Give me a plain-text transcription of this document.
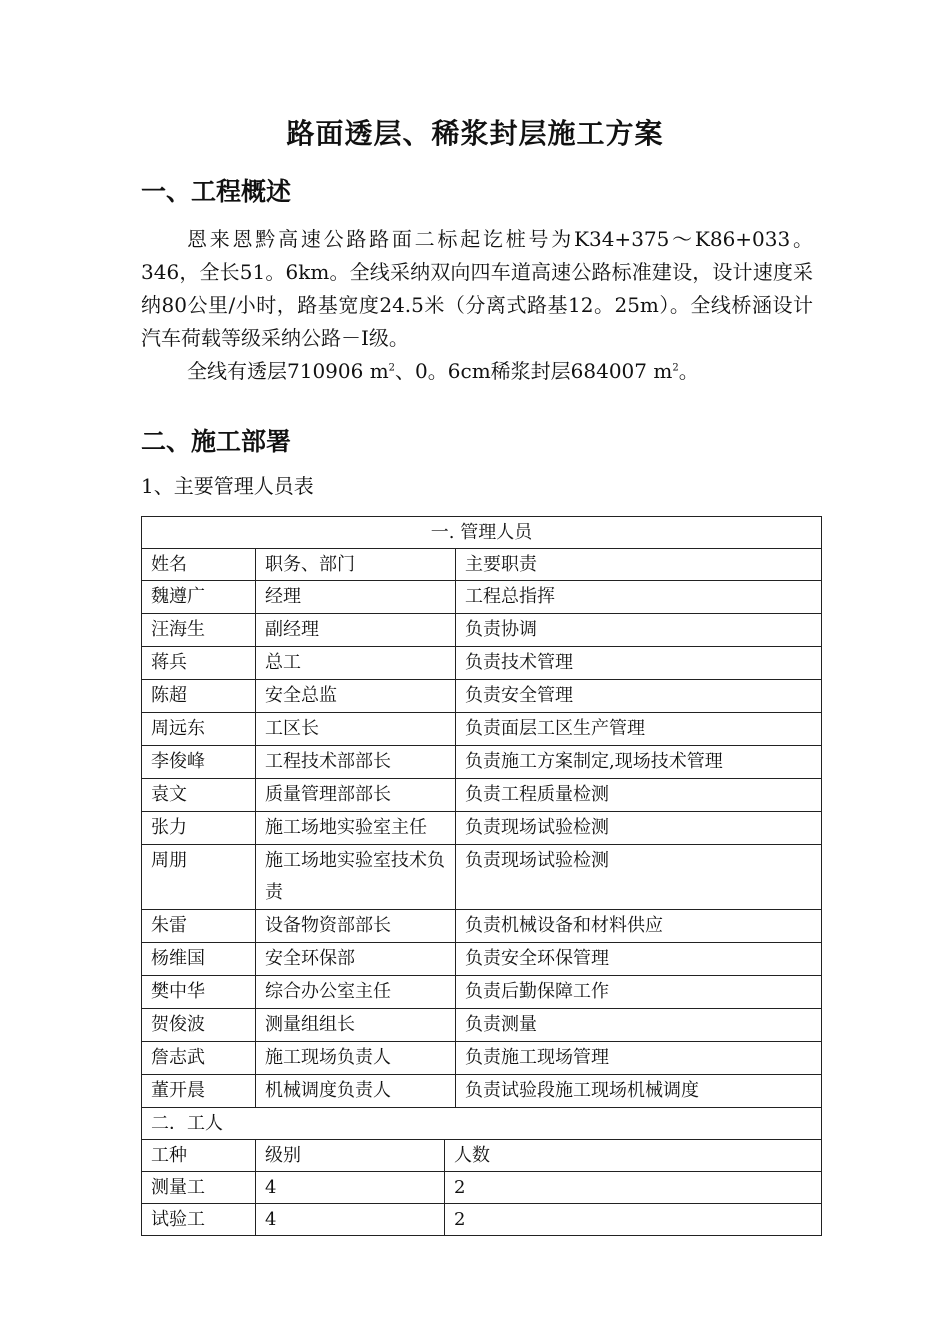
路面透层、稀浆封层施工方案
一、工程概述

恩来恩黔高速公路路面二标起讫桩号为K34+375～K86+033。346，全长51。6km。全线采纳双向四车道高速公路标准建设，设计速度采纳80公里/小时，路基宽度24.5米（分离式路基12。25m）。全线桥涵设计汽车荷载等级采纳公路－Ⅰ级。

全线有透层710906 $m^2$、0。6cm稀浆封层684007 $m^2$。

二、施工部署
1、主要管理人员表
一. 管理人员			
姓名	职务、部门		主要职责
魏遵广	经理		工程总指挥
汪海生	副经理		负责协调
蒋兵	总工		负责技术管理
陈超	安全总监		负责安全管理
周远东	工区长		负责面层工区生产管理
李俊峰	工程技术部部长		负责施工方案制定,现场技术管理
袁文	质量管理部部长		负责工程质量检测
张力	施工场地实验室主任		负责现场试验检测
周朋	施工场地实验室技术负责		负责现场试验检测
朱雷	设备物资部部长		负责机械设备和材料供应
杨维国	安全环保部		负责安全环保管理
樊中华	综合办公室主任		负责后勤保障工作
贺俊波	测量组组长		负责测量
詹志武	施工现场负责人		负责施工现场管理
董开晨	机械调度负责人		负责试验段施工现场机械调度
二．工人			
工种	级别	人数	
测量工	4	2	
试验工	4	2	
